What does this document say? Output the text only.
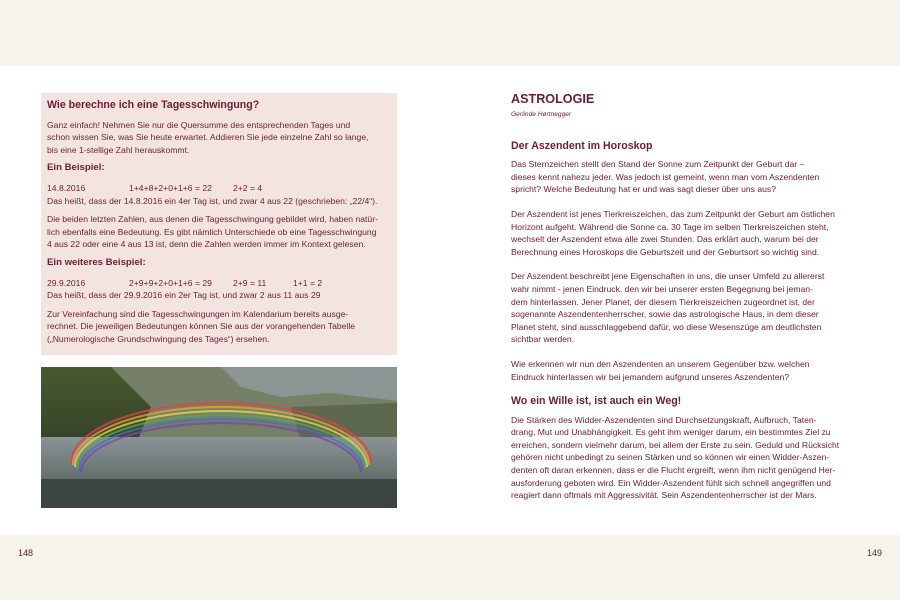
Wie berechne ich eine Tagesschwingung?

Ganz einfach! Nehmen Sie nur die Quersumme des entsprechenden Tages und
schon wissen Sie, was Sie heute erwartet. Addieren Sie jede einzelne Zahl so lange,
bis eine 1-stellige Zahl herauskommt.

Ein Beispiel:
14.8.2016	1+4+8+2+0+1+6 = 22	2+2 = 4

Das heißt, dass der 14.8.2016 ein 4er Tag ist, und zwar 4 aus 22 (geschrieben: „22/4“).

Die beiden letzten Zahlen, aus denen die Tagesschwingung gebildet wird, haben natür-
lich ebenfalls eine Bedeutung. Es gibt nämlich Unterschiede ob eine Tagesschwingung
4 aus 22 oder eine 4 aus 13 ist, denn die Zahlen werden immer im Kontext gelesen.

Ein weiteres Beispiel:
29.9.2016	2+9+9+2+0+1+6 = 29	2+9 = 11	1+1 = 2

Das heißt, dass der 29.9.2016 ein 2er Tag ist, und zwar 2 aus 11 aus 29

Zur Vereinfachung sind die Tagesschwingungen im Kalendarium bereits ausge-
rechnet. Die jeweiligen Bedeutungen können Sie aus der vorangehenden Tabelle
(„Numerologische Grundschwingung des Tages“) ersehen.

148
ASTROLOGIE
Gerlinde Hørtnegger
Der Aszendent im Horoskop

Das Sternzeichen stellt den Stand der Sonne zum Zeitpunkt der Geburt dar –
dieses kennt nahezu jeder. Was jedoch ist gemeint, wenn man vom Aszendenten
spricht? Welche Bedeutung hat er und was sagt dieser über uns aus?

Der Aszendent ist jenes Tierkreiszeichen, das zum Zeitpunkt der Geburt am östlichen
Horizont aufgeht. Während die Sonne ca. 30 Tage im selben Tierkreiszeichen steht,
wechselt der Aszendent etwa alle zwei Stunden. Das erklärt auch, warum bei der
Berechnung eines Horoskops die Geburtszeit und der Geburtsort so wichtig sind.

Der Aszendent beschreibt jene Eigenschaften in uns, die unser Umfeld zu allererst
wahr nimmt - jenen Eindruck, den wir bei unserer ersten Begegnung bei jeman-
dem hinterlassen. Jener Planet, der diesem Tierkreiszeichen zugeordnet ist, der
sogenannte Aszendentenherrscher, sowie das astrologische Haus, in dem dieser
Planet steht, sind ausschlaggebend dafür, wo diese Wesenszüge am deutlichsten
sichtbar werden.

Wie erkennen wir nun den Aszendenten an unserem Gegenüber bzw. welchen
Eindruck hinterlassen wir bei jemandem aufgrund unseres Aszendenten?

Wo ein Wille ist, ist auch ein Weg!

Die Stärken des Widder-Aszendenten sind Durchsetzungskraft, Aufbruch, Taten-
drang, Mut und Unabhängigkeit. Es geht ihm weniger darum, ein bestimmtes Ziel zu
erreichen, sondern vielmehr darum, bei allem der Erste zu sein. Geduld und Rücksicht
gehören nicht unbedingt zu seinen Stärken und so können wir einen Widder-Aszen-
denten oft daran erkennen, dass er die Flucht ergreift, wenn ihm nicht genügend Her-
ausforderung geboten wird. Ein Widder-Aszendent fühlt sich schnell angegriffen und
reagiert dann oftmals mit Aggressivität. Sein Aszendentenherrscher ist der Mars.

149
